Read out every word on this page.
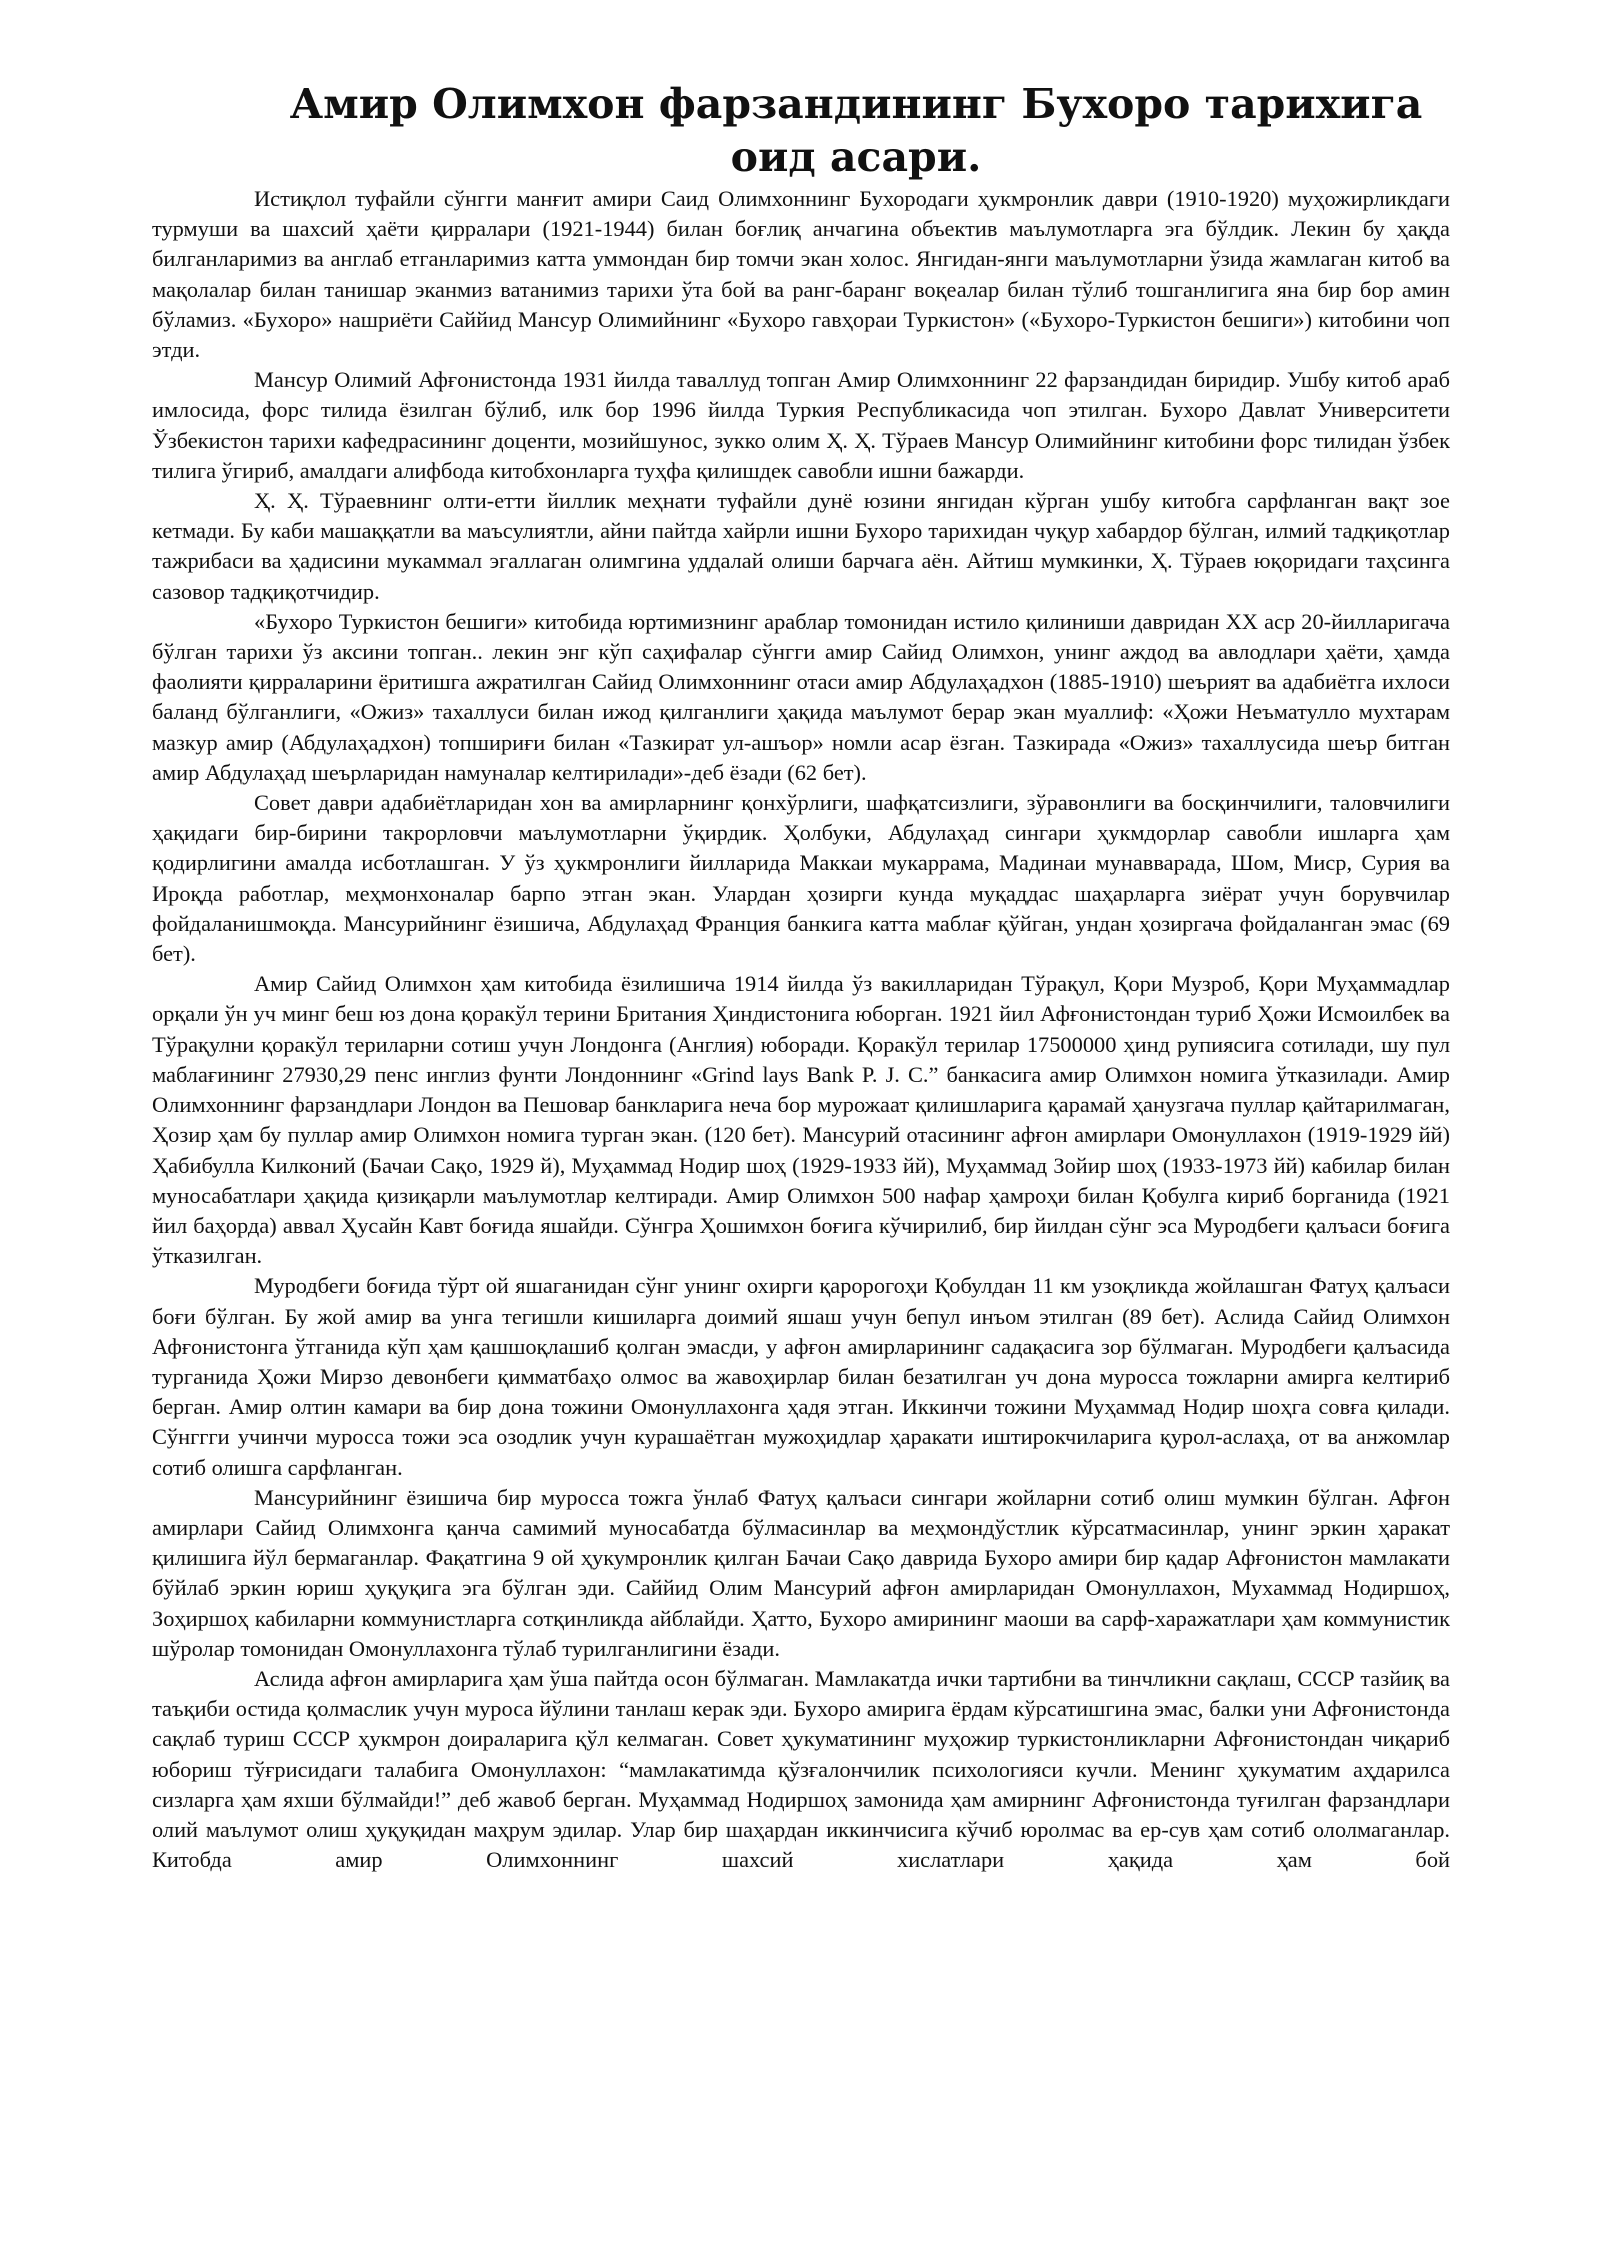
Амир Олимхон фарзандининг Бухоро тарихига оид асари.

Истиқлол туфайли сўнгги манғит амири Саид Олимхоннинг Бухородаги ҳукмронлик даври (1910-1920) муҳожирликдаги турмуши ва шахсий ҳаёти қирралари (1921-1944) билан боғлиқ анчагина объектив маълумотларга эга бўлдик. Лекин бу ҳақда билганларимиз ва англаб етганларимиз катта уммондан бир томчи экан холос. Янгидан-янги маълумотларни ўзида жамлаган китоб ва мақолалар билан танишар эканмиз ватанимиз тарихи ўта бой ва ранг-баранг воқеалар билан тўлиб тошганлигига яна бир бор амин бўламиз. «Бухоро» нашриёти Саййид Мансур Олимийнинг «Бухоро гавҳораи Туркистон» («Бухоро-Туркистон бешиги») китобини чоп этди.

Мансур Олимий Афғонистонда 1931 йилда таваллуд топган Амир Олимхоннинг 22 фарзандидан биридир. Ушбу китоб араб имлосида, форс тилида ёзилган бўлиб, илк бор 1996 йилда Туркия Республикасида чоп этилган. Бухоро Давлат Университети Ўзбекистон тарихи кафедрасининг доценти, мозийшунос, зукко олим Ҳ. Ҳ. Тўраев Мансур Олимийнинг китобини форс тилидан ўзбек тилига ўгириб, амалдаги алифбода китобхонларга туҳфа қилишдек савобли ишни бажарди.

Ҳ. Ҳ. Тўраевнинг олти-етти йиллик меҳнати туфайли дунё юзини янгидан кўрган ушбу китобга сарфланган вақт зое кетмади. Бу каби машаққатли ва маъсулиятли, айни пайтда хайрли ишни Бухоро тарихидан чуқур хабардор бўлган, илмий тадқиқотлар тажрибаси ва ҳадисини мукаммал эгаллаган олимгина уддалай олиши барчага аён. Айтиш мумкинки, Ҳ. Тўраев юқоридаги таҳсинга сазовор тадқиқотчидир.

«Бухоро Туркистон бешиги» китобида юртимизнинг араблар томонидан истило қилиниши давридан XX аср 20-йилларигача бўлган тарихи ўз аксини топган.. лекин энг кўп саҳифалар сўнгги амир Сайид Олимхон, унинг аждод ва авлодлари ҳаёти, ҳамда фаолияти қирраларини ёритишга ажратилган Сайид Олимхоннинг отаси амир Абдулаҳадхон (1885-1910) шеърият ва адабиётга ихлоси баланд бўлганлиги, «Ожиз» тахаллуси билан ижод қилганлиги ҳақида маълумот берар экан муаллиф: «Ҳожи Неъматулло мухтарам мазкур амир (Абдулаҳадхон) топшириғи билан «Тазкират ул-ашъор» номли асар ёзган. Тазкирада «Ожиз» тахаллусида шеър битган амир Абдулаҳад шеърларидан намуналар келтирилади»-деб ёзади (62 бет).

Совет даври адабиётларидан хон ва амирларнинг қонхўрлиги, шафқатсизлиги, зўравонлиги ва босқинчилиги, таловчилиги ҳақидаги бир-бирини такрорловчи маълумотларни ўқирдик. Ҳолбуки, Абдулаҳад сингари ҳукмдорлар савобли ишларга ҳам қодирлигини амалда исботлашган. У ўз ҳукмронлиги йилларида Маккаи мукаррама, Мадинаи мунавварада, Шом, Миср, Сурия ва Ироқда работлар, меҳмонхоналар барпо этган экан. Улардан ҳозирги кунда муқаддас шаҳарларга зиёрат учун борувчилар фойдаланишмоқда. Мансурийнинг ёзишича, Абдулаҳад Франция банкига катта маблағ қўйган, ундан ҳозиргача фойдаланган эмас (69 бет).

Амир Сайид Олимхон ҳам китобида ёзилишича 1914 йилда ўз вакилларидан Тўрақул, Қори Музроб, Қори Муҳаммадлар орқали ўн уч минг беш юз дона қоракўл терини Британия Ҳиндистонига юборган. 1921 йил Афғонистондан туриб Ҳожи Исмоилбек ва Тўрақулни қоракўл териларни сотиш учун Лондонга (Англия) юборади. Қоракўл терилар 17500000 ҳинд рупиясига сотилади, шу пул маблағининг 27930,29 пенс инглиз фунти Лондоннинг «Grind lays Bank P. J. C.” банкасига амир Олимхон номига ўтказилади. Амир Олимхоннинг фарзандлари Лондон ва Пешовар банкларига неча бор мурожаат қилишларига қарамай ҳанузгача пуллар қайтарилмаган, Ҳозир ҳам бу пуллар амир Олимхон номига турган экан. (120 бет). Мансурий отасининг афғон амирлари Омонуллахон (1919-1929 йй) Ҳабибулла Килконий (Бачаи Сақо, 1929 й), Муҳаммад Нодир шоҳ (1929-1933 йй), Муҳаммад Зойир шоҳ (1933-1973 йй) кабилар билан муносабатлари ҳақида қизиқарли маълумотлар келтиради. Амир Олимхон 500 нафар ҳамроҳи билан Қобулга кириб борганида (1921 йил баҳорда) аввал Ҳусайн Кавт боғида яшайди. Сўнгра Ҳошимхон боғига кўчирилиб, бир йилдан сўнг эса Муродбеги қалъаси боғига ўтказилган.

Муродбеги боғида тўрт ой яшаганидан сўнг унинг охирги қаророгоҳи Қобулдан 11 км узоқликда жойлашган Фатуҳ қалъаси боғи бўлган. Бу жой амир ва унга тегишли кишиларга доимий яшаш учун бепул инъом этилган (89 бет). Аслида Сайид Олимхон Афғонистонга ўтганида кўп ҳам қашшоқлашиб қолган эмасди, у афғон амирларининг садақасига зор бўлмаган. Муродбеги қалъасида турганида Ҳожи Мирзо девонбеги қимматбаҳо олмос ва жавоҳирлар билан безатилган уч дона муросса тожларни амирга келтириб берган. Амир олтин камари ва бир дона тожини Омонуллахонга ҳадя этган. Иккинчи тожини Муҳаммад Нодир шоҳга совға қилади. Сўнггги учинчи муросса тожи эса озодлик учун курашаётган мужоҳидлар ҳаракати иштирокчиларига қурол-аслаҳа, от ва анжомлар сотиб олишга сарфланган.

Мансурийнинг ёзишича бир муросса тожга ўнлаб Фатуҳ қалъаси сингари жойларни сотиб олиш мумкин бўлган. Афғон амирлари Сайид Олимхонга қанча самимий муносабатда бўлмасинлар ва меҳмондўстлик кўрсатмасинлар, унинг эркин ҳаракат қилишига йўл бермаганлар. Фақатгина 9 ой ҳукумронлик қилган Бачаи Сақо даврида Бухоро амири бир қадар Афғонистон мамлакати бўйлаб эркин юриш ҳуқуқига эга бўлган эди. Саййид Олим Мансурий афғон амирларидан Омонуллахон, Мухаммад Нодиршоҳ, Зоҳиршоҳ кабиларни коммунистларга сотқинликда айблайди. Ҳатто, Бухоро амирининг маоши ва сарф-харажатлари ҳам коммунистик шўролар томонидан Омонуллахонга тўлаб турилганлигини ёзади.

Аслида афғон амирларига ҳам ўша пайтда осон бўлмаган. Мамлакатда ички тартибни ва тинчликни сақлаш, СССР тазйиқ ва таъқиби остида қолмаслик учун муроса йўлини танлаш керак эди. Бухоро амирига ёрдам кўрсатишгина эмас, балки уни Афғонистонда сақлаб туриш СССР ҳукмрон доираларига қўл келмаган. Совет ҳукуматининг муҳожир туркистонликларни Афғонистондан чиқариб юбориш тўғрисидаги талабига Омонуллахон: “мамлакатимда қўзғалончилик психологияси кучли. Менинг ҳукуматим аҳдарилса сизларга ҳам яхши бўлмайди!” деб жавоб берган. Муҳаммад Нодиршоҳ замонида ҳам амирнинг Афғонистонда туғилган фарзандлари олий маълумот олиш ҳуқуқидан маҳрум эдилар. Улар бир шаҳардан иккинчисига кўчиб юролмас ва ер-сув ҳам сотиб ололмаганлар. Китобда амир Олимхоннинг шахсий хислатлари ҳақида ҳам бой
